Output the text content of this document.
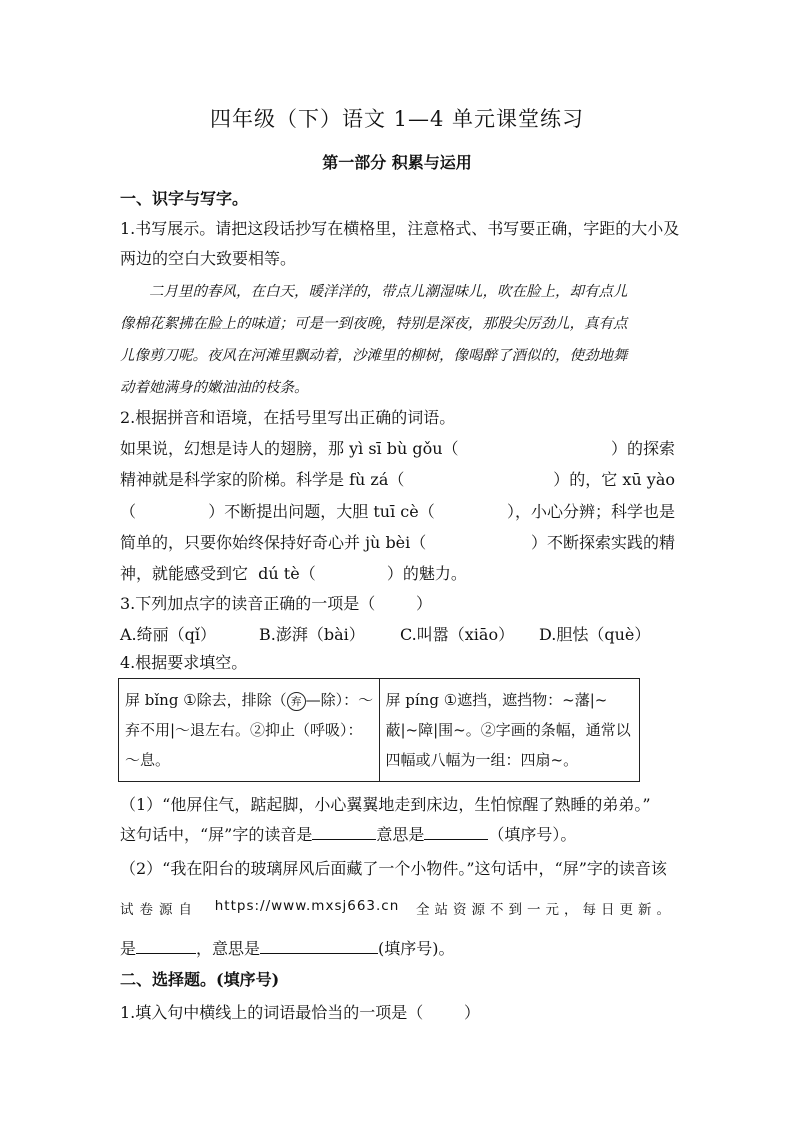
四年级（下）语文 1—4 单元课堂练习
第一部分 积累与运用
一、识字与写字。
1.书写展示。请把这段话抄写在横格里，注意格式、书写要正确，字距的大小及
两边的空白大致要相等。
　　二月里的春风，在白天，暖洋洋的，带点儿潮湿味儿，吹在脸上，却有点儿
像棉花絮拂在脸上的味道；可是一到夜晚，特别是深夜，那股尖厉劲儿，真有点
儿像剪刀呢。夜风在河滩里飘动着，沙滩里的柳树，像喝醉了酒似的，使劲地舞
动着她满身的嫩油油的枝条。
2.根据拼音和语境，在括号里写出正确的词语。
如果说，幻想是诗人的翅膀，那 yì sī bù gǒu（	）的探索
精神就是科学家的阶梯。科学是 fù zá（	）的，它 xū yào
（	）不断提出问题，大胆 tuī cè（	），小心分辨；科学也是
简单的，只要你始终保持好奇心并 jù bèi（	）不断探索实践的精
神，就能感受到它  dú tè（              ）的魅力。
3.下列加点字的读音正确的一项是（        ）
A.绮丽（qǐ）	B.澎湃（bài）	C.叫嚣（xiāo）	D.胆怯（què）
4.根据要求填空。
屏 bǐng ①除去，排除（ 弃 —除）：～弃不用|～退左右。②抑止（呼吸）：～息。	屏 píng ①遮挡，遮挡物：~藩|~蔽|~障|围~。②字画的条幅，通常以四幅或八幅为一组：四扇~。
（1）“他屏住气，踮起脚，小心翼翼地走到床边，生怕惊醒了熟睡的弟弟。”
这句话中，“屏”字的读音是	意思是	（填序号）。
（2）“我在阳台的玻璃屏风后面藏了一个小物件。”这句话中，“屏”字的读音该
试卷源自 https://www.mxsj663.cn 全站资源不到一元，每日更新。
是	，意思是	(填序号)。
二、选择题。(填序号)
1.填入句中横线上的词语最恰当的一项是（        ）
